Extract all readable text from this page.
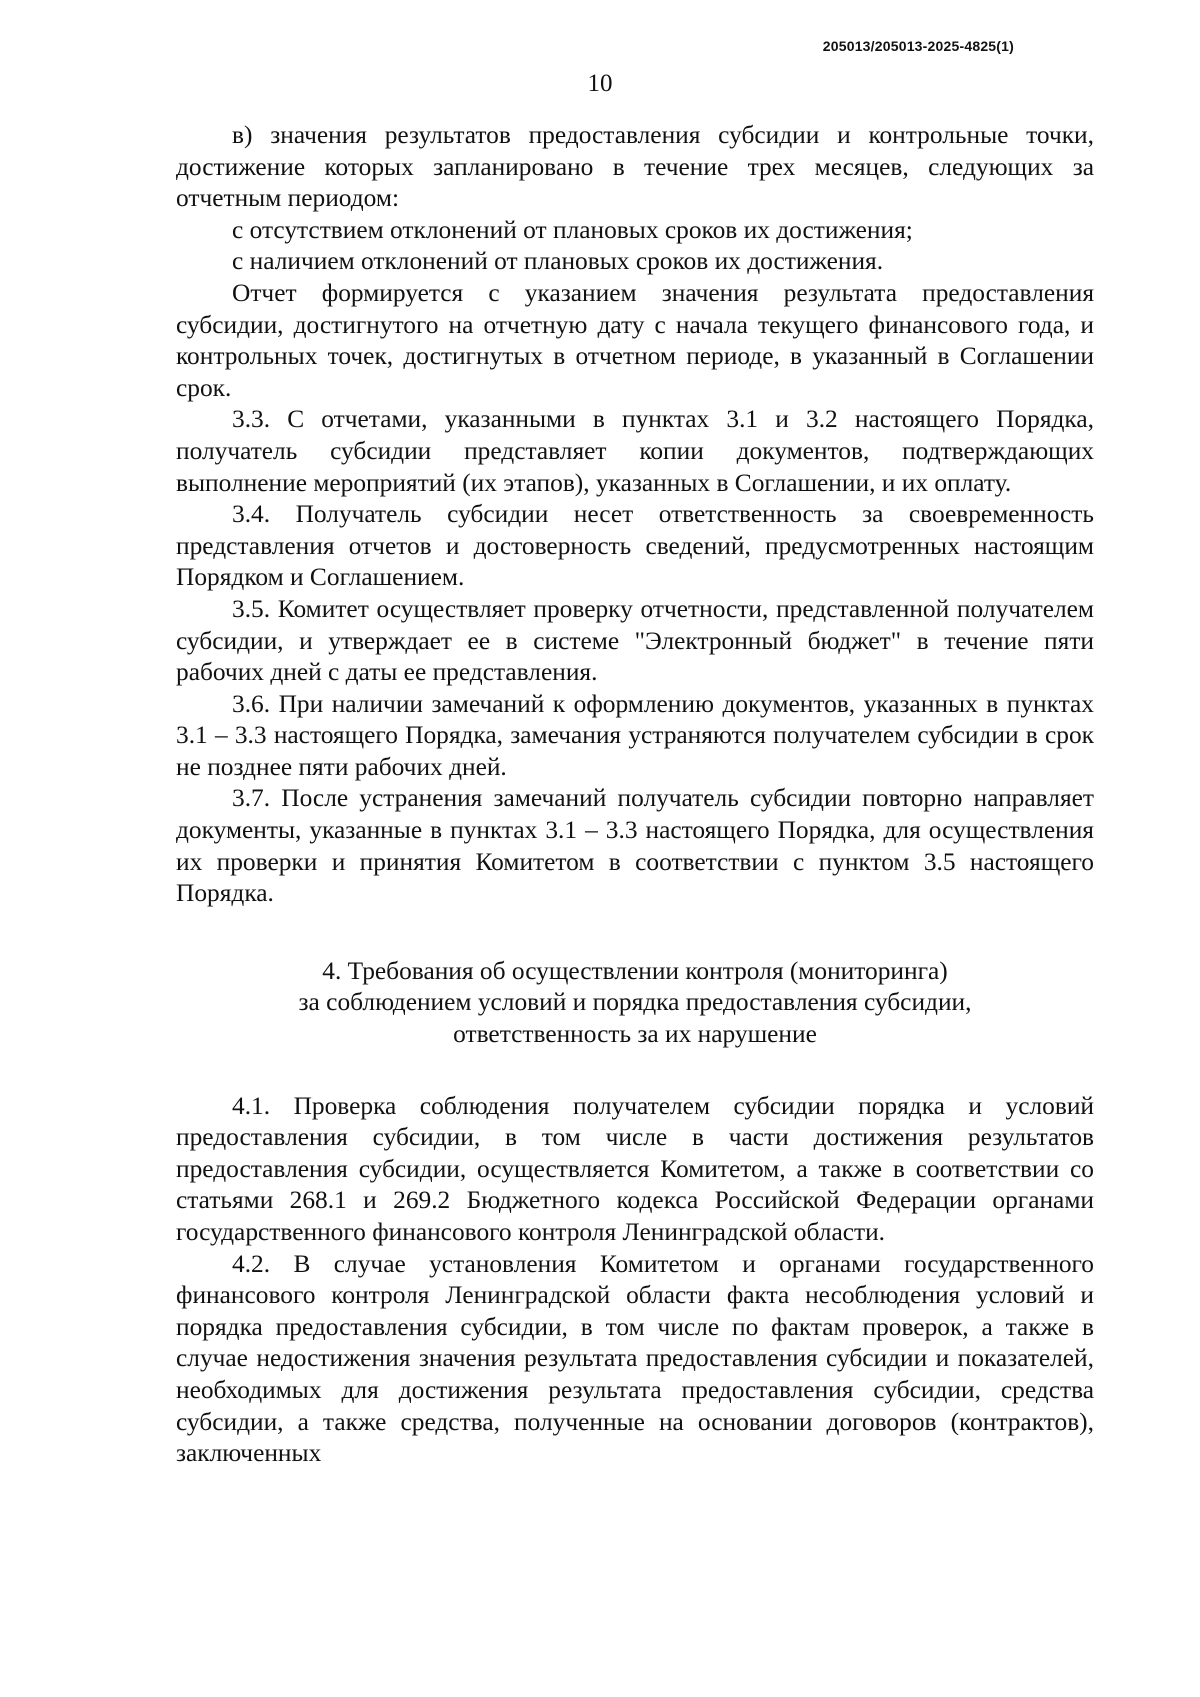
205013/205013-2025-4825(1)
10

в) значения результатов предоставления субсидии и контрольные точки, достижение которых запланировано в течение трех месяцев, следующих за отчетным периодом:

с отсутствием отклонений от плановых сроков их достижения;

с наличием отклонений от плановых сроков их достижения.

Отчет формируется с указанием значения результата предоставления субсидии, достигнутого на отчетную дату с начала текущего финансового года, и контрольных точек, достигнутых в отчетном периоде, в указанный в Соглашении срок.

3.3. С отчетами, указанными в пунктах 3.1 и 3.2 настоящего Порядка, получатель субсидии представляет копии документов, подтверждающих выполнение мероприятий (их этапов), указанных в Соглашении, и их оплату.

3.4. Получатель субсидии несет ответственность за своевременность представления отчетов и достоверность сведений, предусмотренных настоящим Порядком и Соглашением.

3.5. Комитет осуществляет проверку отчетности, представленной получателем субсидии, и утверждает ее в системе "Электронный бюджет" в течение пяти рабочих дней с даты ее представления.

3.6. При наличии замечаний к оформлению документов, указанных в пунктах 3.1 – 3.3 настоящего Порядка, замечания устраняются получателем субсидии в срок не позднее пяти рабочих дней.

3.7. После устранения замечаний получатель субсидии повторно направляет документы, указанные в пунктах 3.1 – 3.3 настоящего Порядка, для осуществления их проверки и принятия Комитетом в соответствии с пунктом 3.5 настоящего Порядка.

4. Требования об осуществлении контроля (мониторинга)
за соблюдением условий и порядка предоставления субсидии,
ответственность за их нарушение

4.1. Проверка соблюдения получателем субсидии порядка и условий предоставления субсидии, в том числе в части достижения результатов предоставления субсидии, осуществляется Комитетом, а также в соответствии со статьями 268.1 и 269.2 Бюджетного кодекса Российской Федерации органами государственного финансового контроля Ленинградской области.

4.2. В случае установления Комитетом и органами государственного финансового контроля Ленинградской области факта несоблюдения условий и порядка предоставления субсидии, в том числе по фактам проверок, а также в случае недостижения значения результата предоставления субсидии и показателей, необходимых для достижения результата предоставления субсидии, средства субсидии, а также средства, полученные на основании договоров (контрактов), заключенных
